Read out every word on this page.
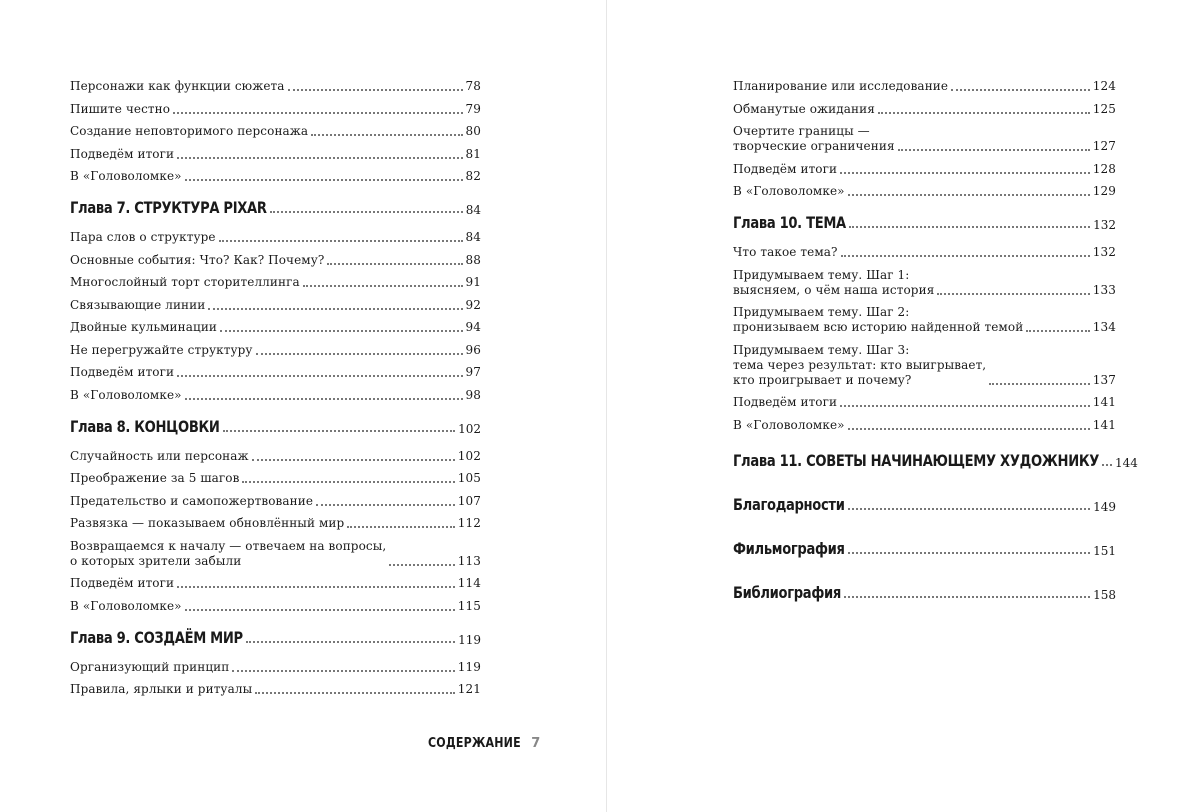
Персонажи как функции сюжета	78
Пишите честно	79
Создание неповторимого персонажа	80
Подведём итоги	81
В «Головоломке»	82
Глава 7. СТРУКТУРА PIXAR	84
Пара слов о структуре	84
Основные события: Что? Как? Почему?	88
Многослойный торт сторителлинга	91
Связывающие линии	92
Двойные кульминации	94
Не перегружайте структуру	96
Подведём итоги	97
В «Головоломке»	98
Глава 8. КОНЦОВКИ	102
Случайность или персонаж	102
Преображение за 5 шагов	105
Предательство и самопожертвование	107
Развязка — показываем обновлённый мир	112
Возвращаемся к началу — отвечаем на вопросы,
о которых зрители забыли	113
Подведём итоги	114
В «Головоломке»	115
Глава 9. СОЗДАЁМ МИР	119
Организующий принцип	119
Правила, ярлыки и ритуалы	121
СОДЕРЖАНИЕ 7
Планирование или исследование	124
Обманутые ожидания	125
Очертите границы —
творческие ограничения	127
Подведём итоги	128
В «Головоломке»	129
Глава 10. ТЕМА	132
Что такое тема?	132
Придумываем тему. Шаг 1:
выясняем, о чём наша история	133
Придумываем тему. Шаг 2:
пронизываем всю историю найденной темой	134
Придумываем тему. Шаг 3:
тема через результат: кто выигрывает,
кто проигрывает и почему?	137
Подведём итоги	141
В «Головоломке»	141
Глава 11. СОВЕТЫ НАЧИНАЮЩЕМУ ХУДОЖНИКУ 144
Благодарности	149
Фильмография	151
Библиография	158
